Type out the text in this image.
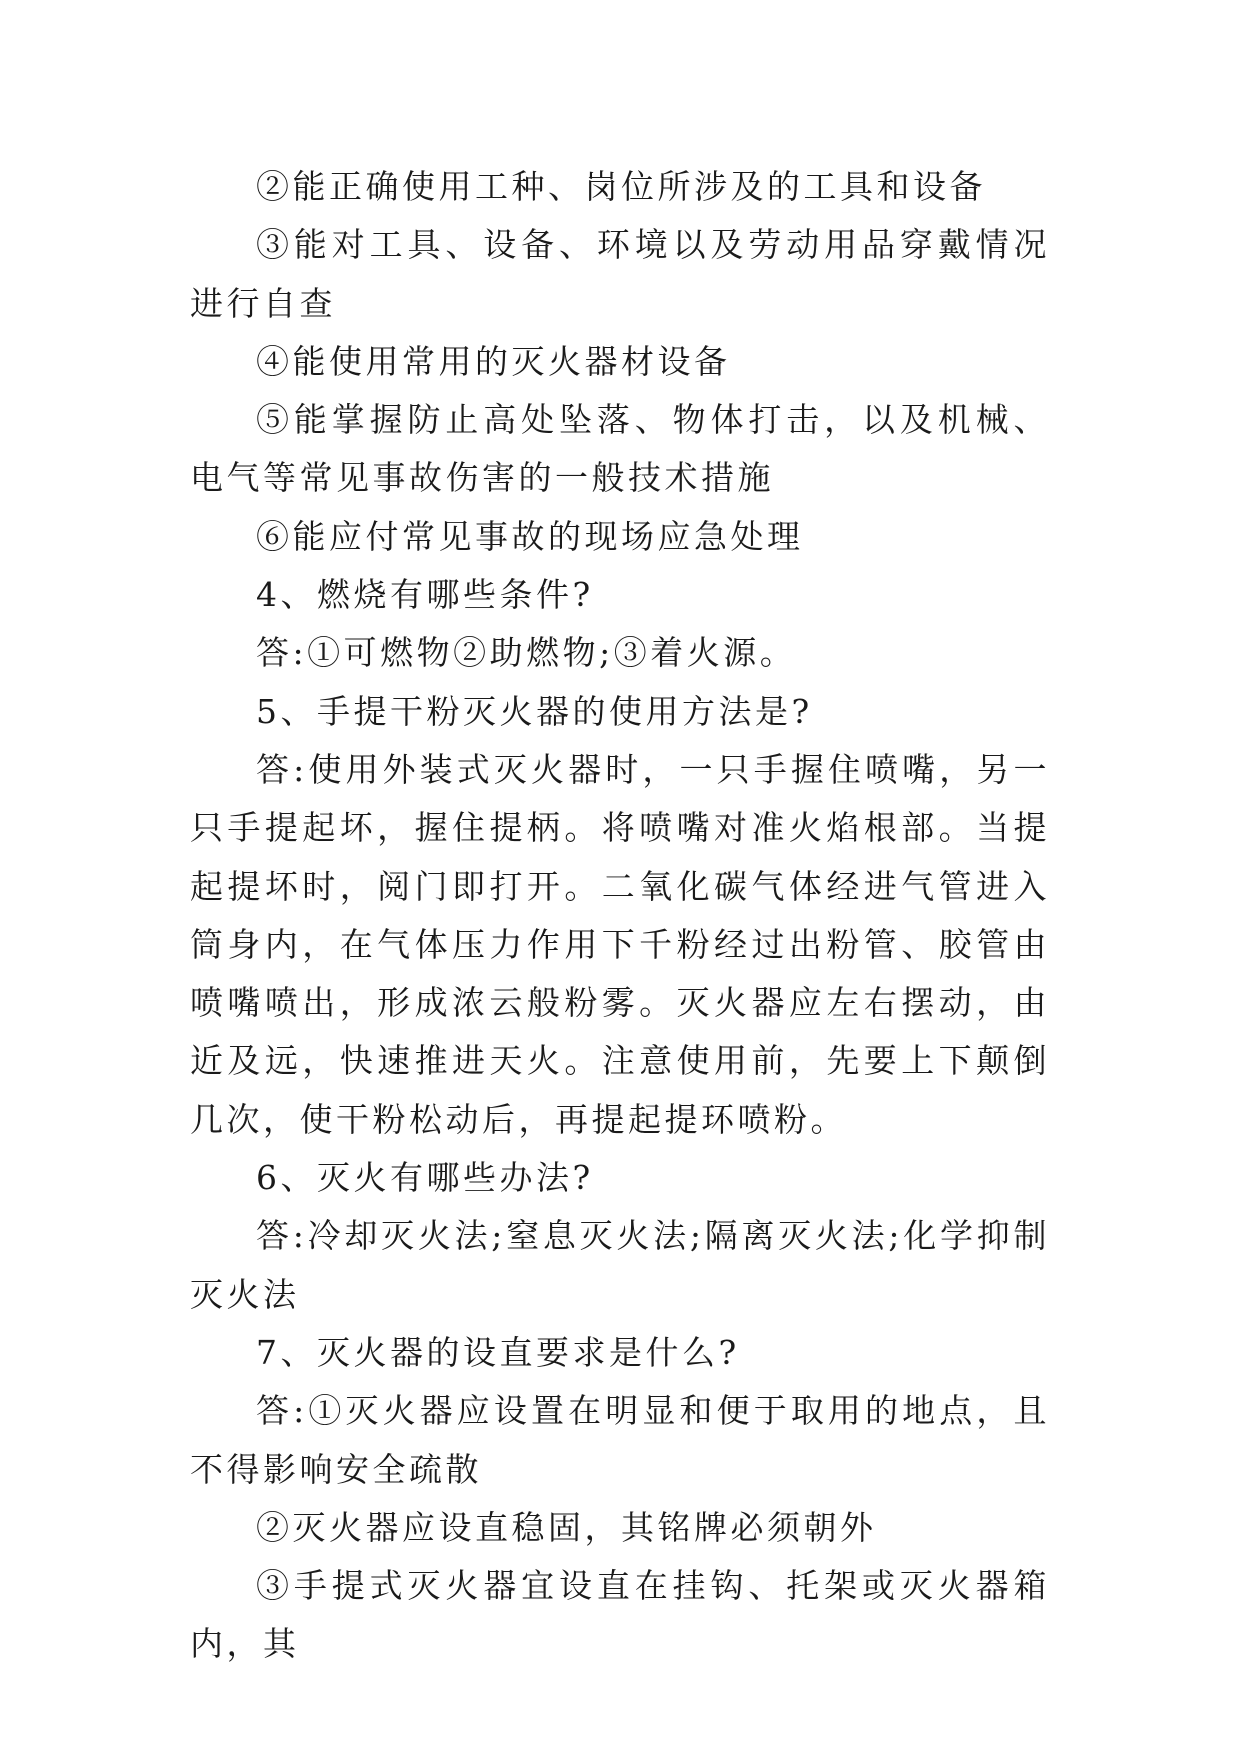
②能正确使用工种、岗位所涉及的工具和设备

③能对工具、设备、环境以及劳动用品穿戴情况进行自查

④能使用常用的灭火器材设备

⑤能掌握防止高处坠落、物体打击，以及机械、电气等常见事故伤害的一般技术措施

⑥能应付常见事故的现场应急处理

4、燃烧有哪些条件?

答:①可燃物②助燃物;③着火源。

5、手提干粉灭火器的使用方法是?

答:使用外装式灭火器时，一只手握住喷嘴，另一只手提起坏，握住提柄。将喷嘴对准火焰根部。当提起提坏时，阅门即打开。二氧化碳气体经进气管进入筒身内，在气体压力作用下千粉经过出粉管、胶管由喷嘴喷出，形成浓云般粉雾。灭火器应左右摆动，由近及远，快速推进天火。注意使用前，先要上下颠倒几次，使干粉松动后，再提起提环喷粉。

6、灭火有哪些办法?

答:冷却灭火法;窒息灭火法;隔离灭火法;化学抑制灭火法

7、灭火器的设直要求是什么?

答:①灭火器应设置在明显和便于取用的地点，且不得影响安全疏散

②灭火器应设直稳固，其铭牌必须朝外

③手提式灭火器宜设直在挂钩、托架或灭火器箱内，其
